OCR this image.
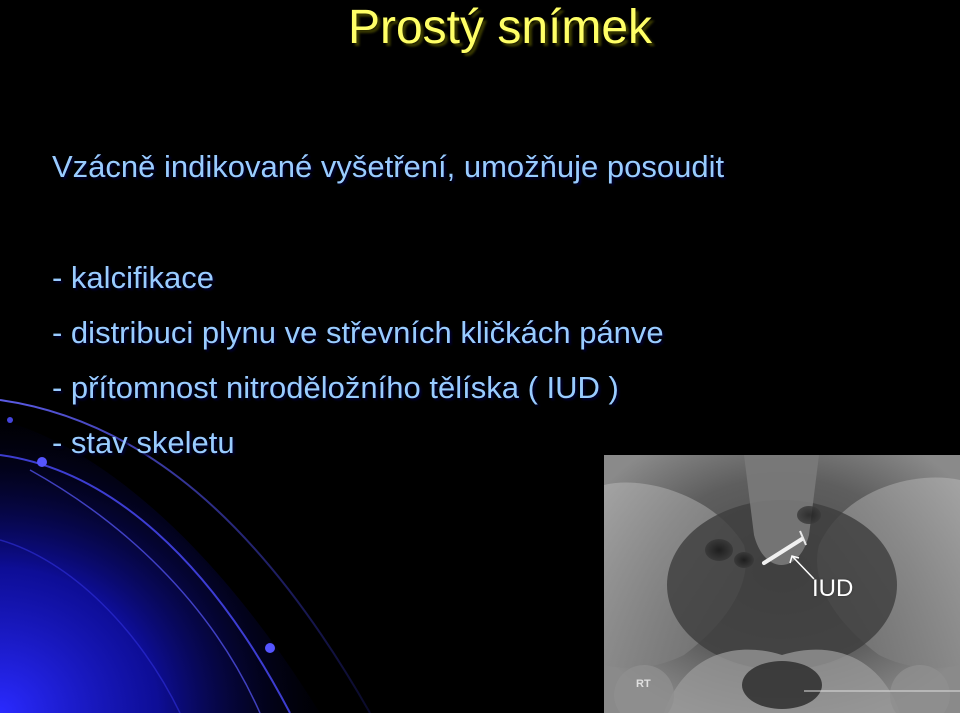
Prostý snímek
Vzácně indikované vyšetření, umožňuje posoudit
- kalcifikace
- distribuci plynu ve střevních kličkách pánve
- přítomnost nitroděložního tělíska ( IUD )
- stav skeletu
IUD
RT
